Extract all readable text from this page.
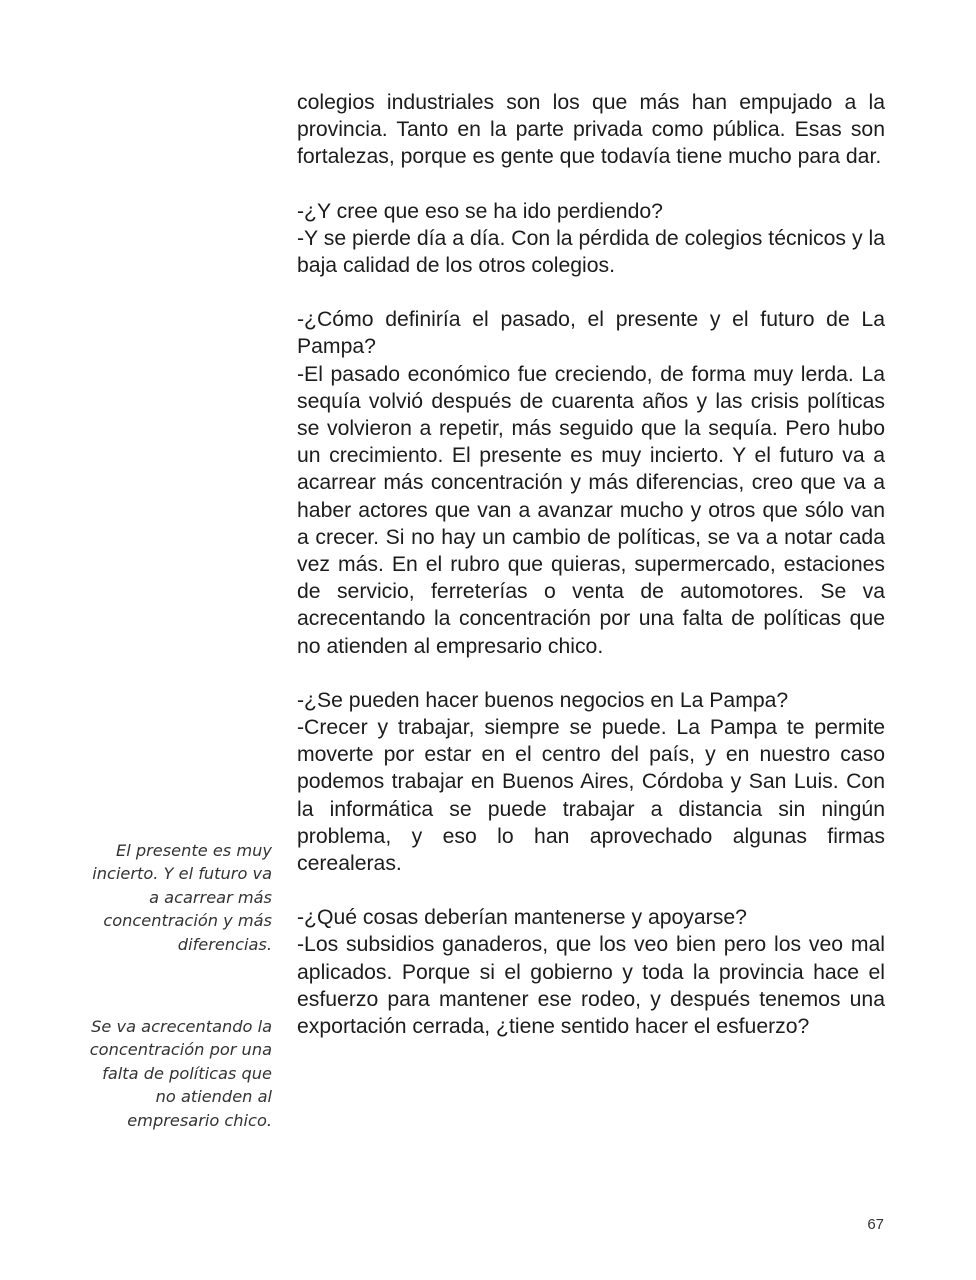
colegios industriales son los que más han empujado a la provincia. Tanto en la parte privada como pública. Esas son fortalezas, porque es gente que todavía tiene mucho para dar.

-¿Y cree que eso se ha ido perdiendo?
-Y se pierde día a día. Con la pérdida de colegios técnicos y la baja calidad de los otros colegios.

-¿Cómo definiría el pasado, el presente y el futuro de La Pampa?
-El pasado económico fue creciendo, de forma muy lerda. La sequía volvió después de cuarenta años y las crisis políticas se volvieron a repetir, más seguido que la sequía. Pero hubo un crecimiento. El presente es muy incierto. Y el futuro va a acarrear más concentración y más diferencias, creo que va a haber actores que van a avanzar mucho y otros que sólo van a crecer. Si no hay un cambio de políticas, se va a notar cada vez más. En el rubro que quieras, supermercado, estaciones de servicio, ferreterías o venta de automotores. Se va acrecentando la concentración por una falta de políticas que no atienden al empresario chico.

-¿Se pueden hacer buenos negocios en La Pampa?
-Crecer y trabajar, siempre se puede. La Pampa te permite moverte por estar en el centro del país, y en nuestro caso podemos trabajar en Buenos Aires, Córdoba y San Luis. Con la informática se puede trabajar a distancia sin ningún problema, y eso lo han aprovechado algunas firmas cerealeras.

-¿Qué cosas deberían mantenerse y apoyarse?
-Los subsidios ganaderos, que los veo bien pero los veo mal aplicados. Porque si el gobierno y toda la provincia hace el esfuerzo para mantener ese rodeo, y después tenemos una exportación cerrada, ¿tiene sentido hacer el esfuerzo?

El presente es muy incierto. Y el futuro va a acarrear más concentración y más diferencias.
Se va acrecentando la concentración por una falta de políticas que no atienden al empresario chico.
67
